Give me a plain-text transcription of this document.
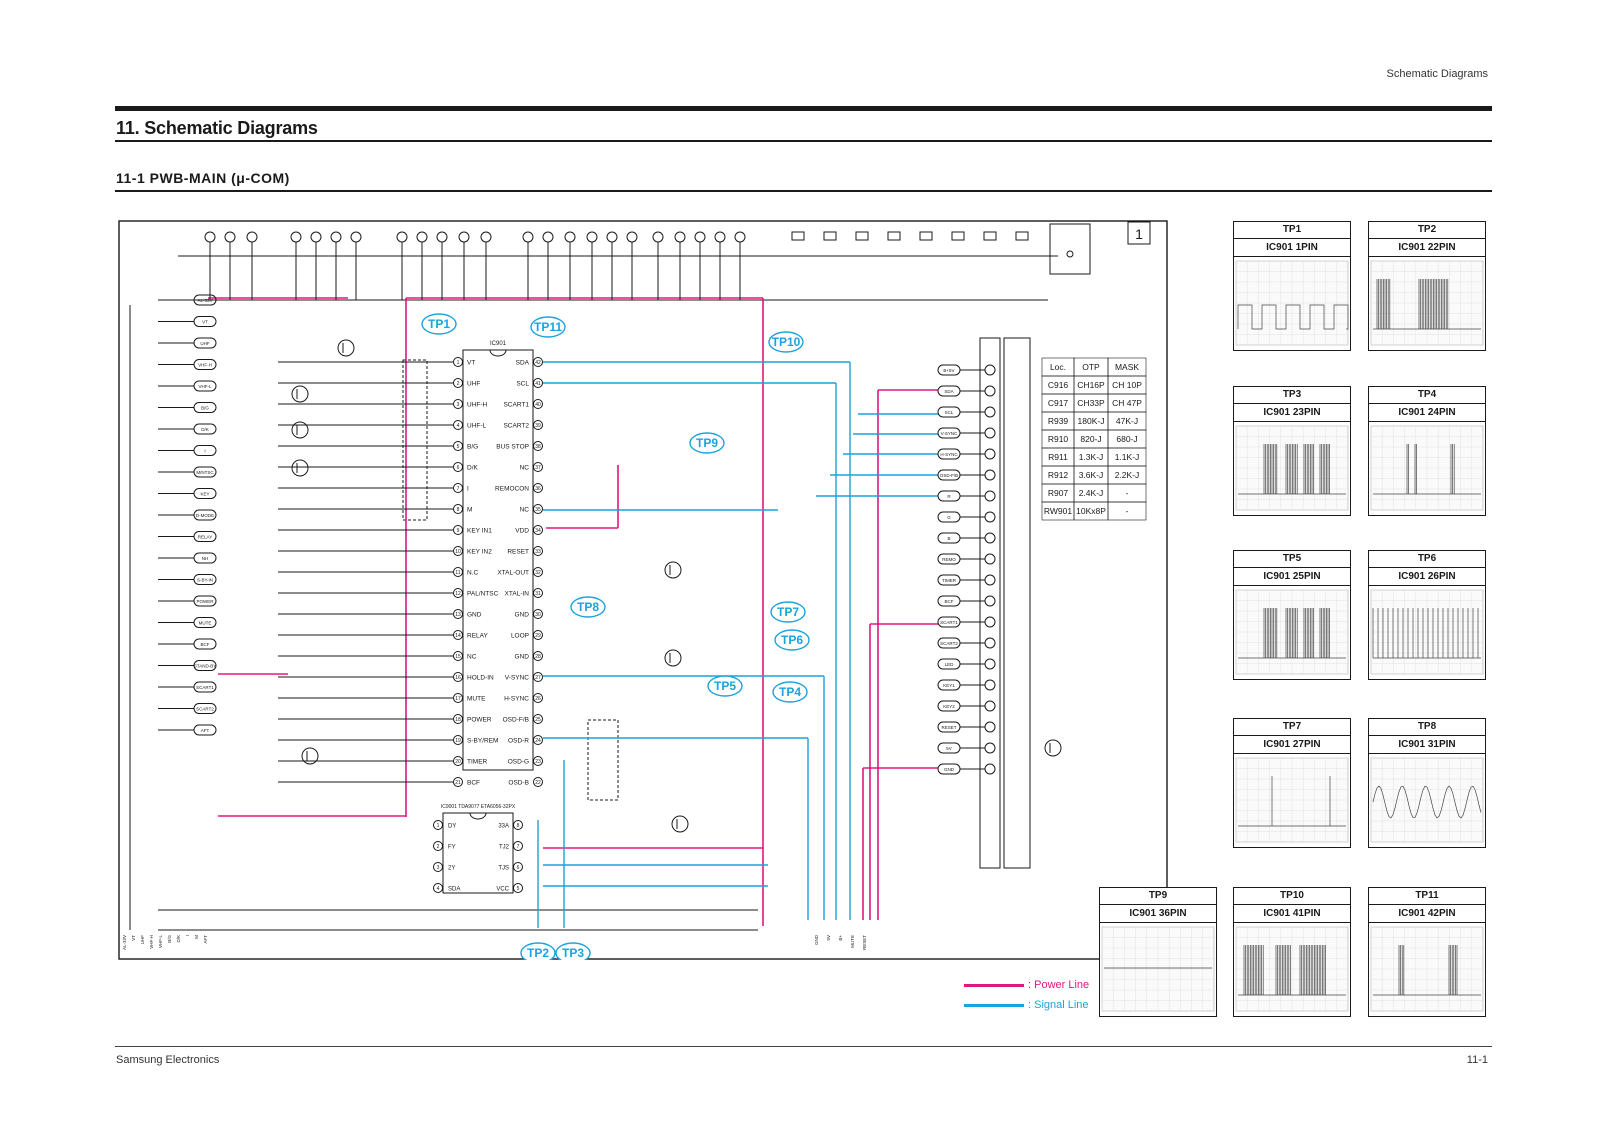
Schematic Diagrams
11. Schematic Diagrams
11-1 PWB-MAIN (μ-COM)
1 VT
2 UHF
3 UHF-H
4 UHF-L
5 B/G
6 D/K
7 I
8 M
9 KEY IN1
10 KEY IN2
11 N.C
12 PAL/NTSC
13 GND
14 RELAY
15 NC
16 HOLD-IN
17 MUTE
18 POWER
19 S-BY/REM
20 TIMER
21 BCF
42
SDA
41
SCL
40
SCART1
39
SCART2
38
BUS STOP
37
NC
36
REMOCON
35
NC
34
VDD
33
RESET
32
XTAL-OUT
31
XTAL-IN
30
GND
29
LOOP
28
GND
27
V-SYNC
26
H-SYNC
25
OSD-F/B
24
OSD-R
23
OSD-G
22
OSD-B
1 DY
2 FY
3 2Y
4 SDA
8
33A
7
TJ2
6
TJS
5
VCC
AL-33V
VT
UHF
VHF-H
VHF-L
B/G
D/K
I
M/NTSC
KEY
D-MODE
RELAY
NH
S-BY-IN
POWER
MUTE
BCF
STAND-BY
SCART1
SCART2
AFT
B+5V
SDA
SCL
V-SYNC
H-SYNC
OSD-F/B
R
G
B
REMO
TIMER
BCF
SCART1
SCART2
LED
KEY1
KEY2
RESET
5V
GND
AL-33V VT UHF VHF-H VHF-L B/G D/K I M AFT	GND 5V B+ MUTE RESET
TP1
TP2 TP3
TP4
TP5
TP6
TP7
TP8
TP9
TP10
TP11
Loc. OTP MASK
C916 CH16P CH 10P
C917 CH33P CH 47P
R939 180K-J 47K-J
R910 820-J 680-J
R911 1.3K-J 1.1K-J
R912 3.6K-J 2.2K-J
R907 2.4K-J	-
RW901 10Kx8P -
1
IC901
IC9001 TDA9077 ETA6056-32PX
TP1
IC901 1PIN
TP2
IC901 22PIN
TP3
IC901 23PIN
TP4
IC901 24PIN
TP5
IC901 25PIN
TP6
IC901 26PIN
TP7
IC901 27PIN
TP8
IC901 31PIN
TP9
IC901 36PIN
TP10
IC901 41PIN
TP11
IC901 42PIN
: Power Line
: Signal Line
Samsung Electronics	11-1
